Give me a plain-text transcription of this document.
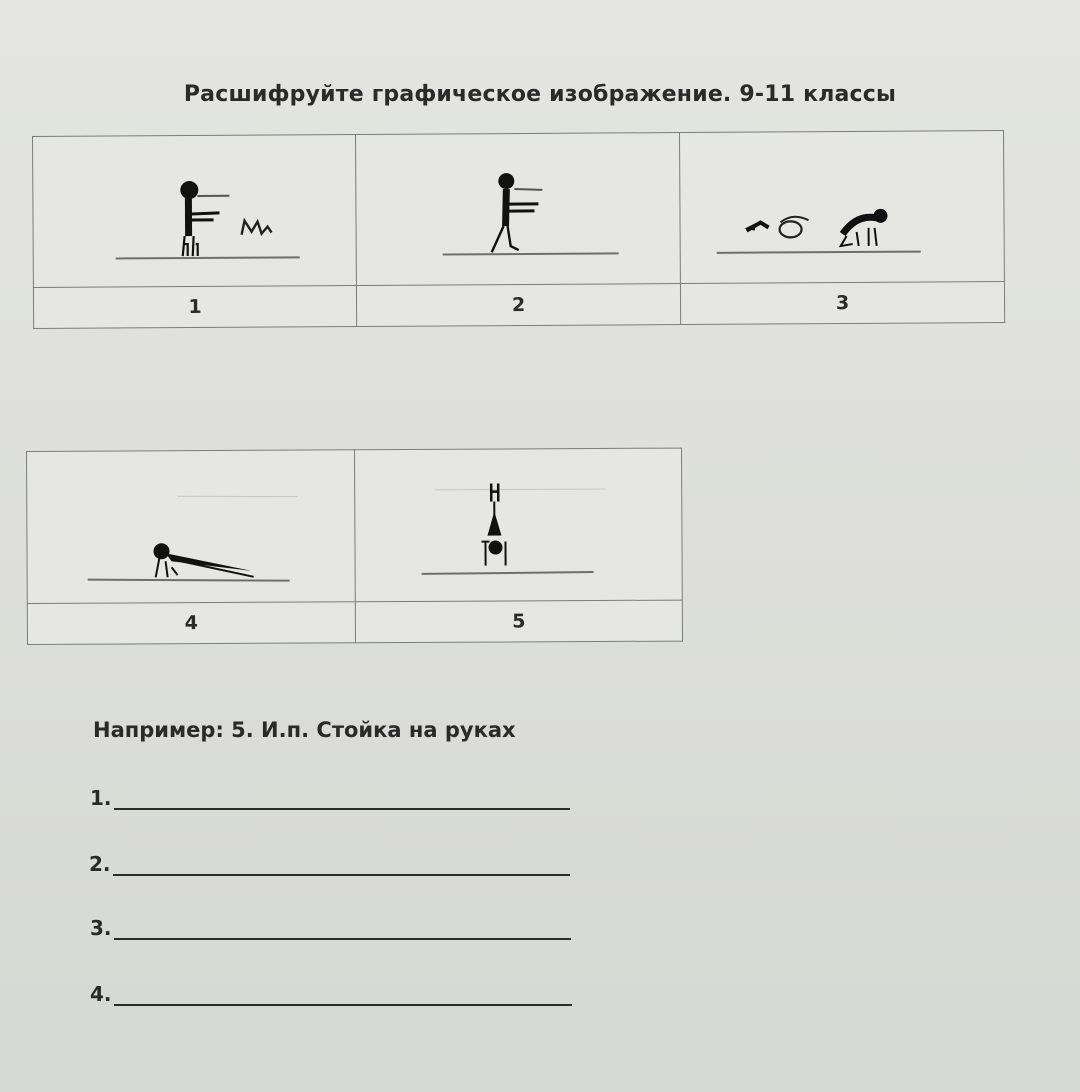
Расшифруйте графическое изображение. 9-11 классы

1	2	3

4	5
Например: 5. И.п. Стойка на руках
1.
2.
3.
4.
